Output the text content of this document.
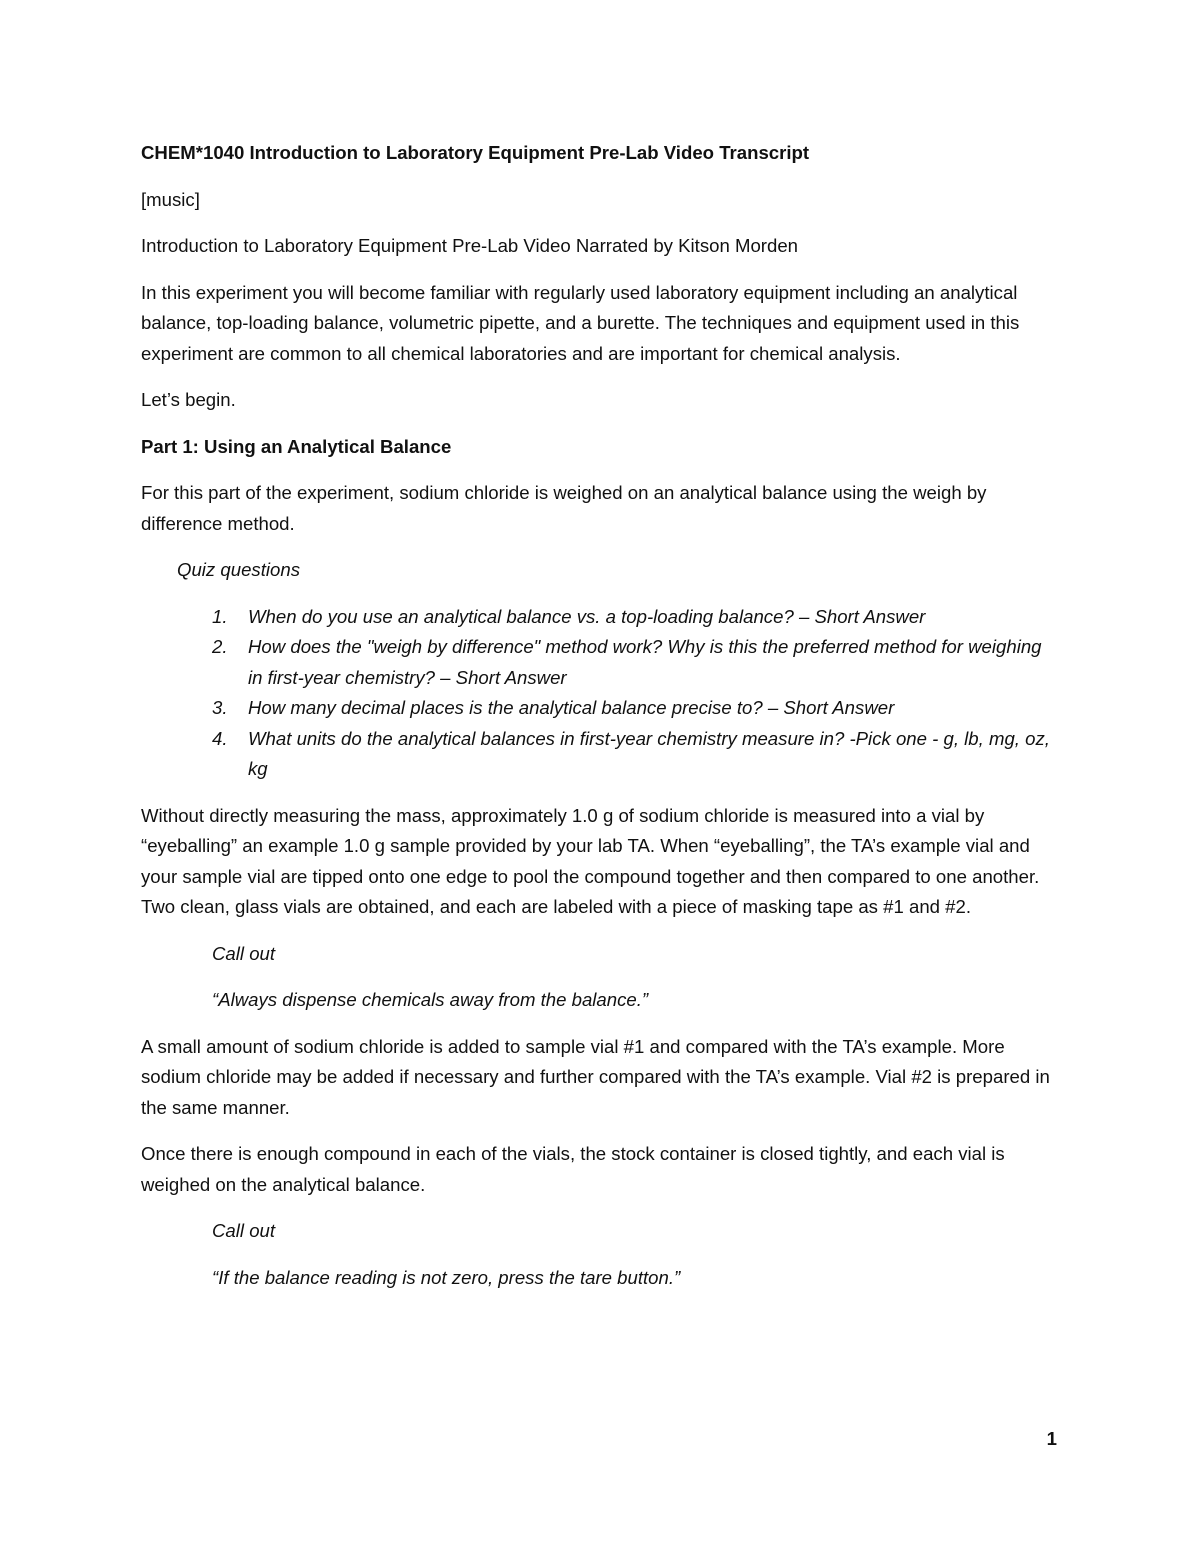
CHEM*1040 Introduction to Laboratory Equipment Pre-Lab Video Transcript

[music]

Introduction to Laboratory Equipment Pre-Lab Video Narrated by Kitson Morden

In this experiment you will become familiar with regularly used laboratory equipment including an analytical balance, top-loading balance, volumetric pipette, and a burette. The techniques and equipment used in this experiment are common to all chemical laboratories and are important for chemical analysis.

Let’s begin.

Part 1: Using an Analytical Balance

For this part of the experiment, sodium chloride is weighed on an analytical balance using the weigh by difference method.

Quiz questions

1. When do you use an analytical balance vs. a top-loading balance? – Short Answer
2. How does the "weigh by difference" method work? Why is this the preferred method for weighing in first-year chemistry? – Short Answer
3. How many decimal places is the analytical balance precise to? – Short Answer
4. What units do the analytical balances in first-year chemistry measure in? -Pick one - g, lb, mg, oz, kg

Without directly measuring the mass, approximately 1.0 g of sodium chloride is measured into a vial by “eyeballing” an example 1.0 g sample provided by your lab TA. When “eyeballing”, the TA’s example vial and your sample vial are tipped onto one edge to pool the compound together and then compared to one another. Two clean, glass vials are obtained, and each are labeled with a piece of masking tape as #1 and #2.

Call out

“Always dispense chemicals away from the balance.”

A small amount of sodium chloride is added to sample vial #1 and compared with the TA’s example. More sodium chloride may be added if necessary and further compared with the TA’s example. Vial #2 is prepared in the same manner.

Once there is enough compound in each of the vials, the stock container is closed tightly, and each vial is weighed on the analytical balance.

Call out

“If the balance reading is not zero, press the tare button.”

1
